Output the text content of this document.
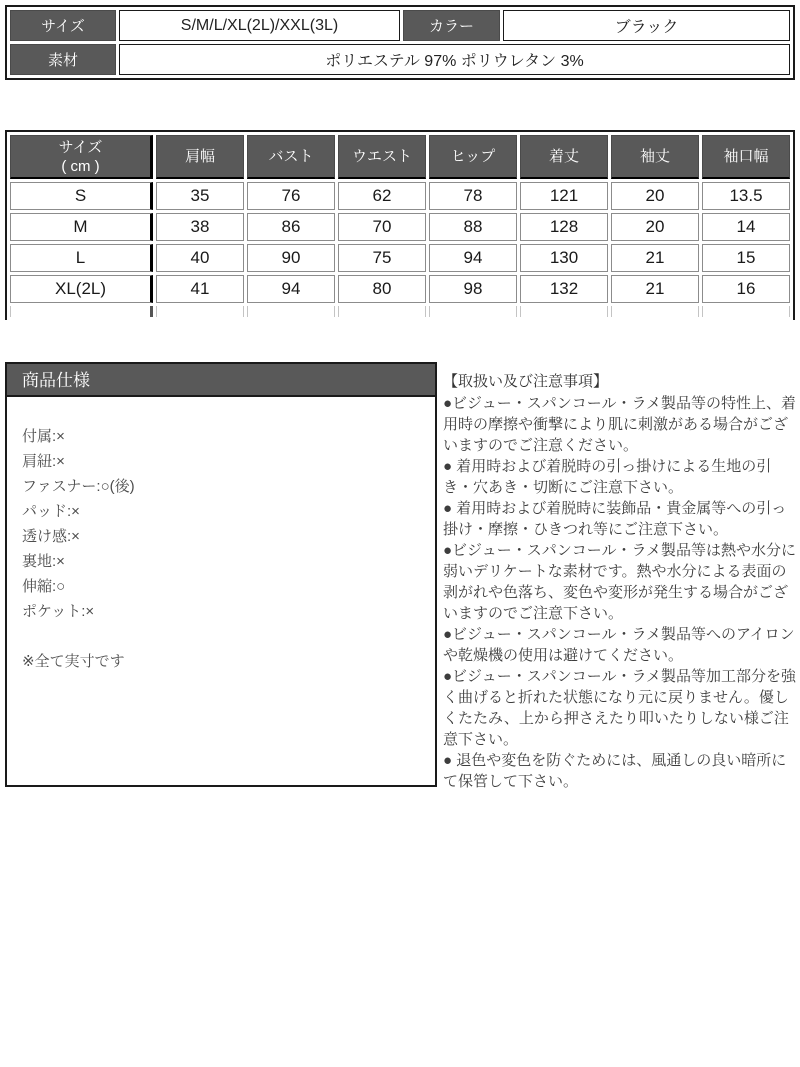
サイズ	S/M/L/XL(2L)/XXL(3L)	カラー	ブラック
素材	ポリエステル 97% ポリウレタン 3%		
サイズ
( cm )	肩幅	バスト	ウエスト	ヒップ	着丈	袖丈	袖口幅
S	35	76	62	78	121	20	13.5
M	38	86	70	88	128	20	14
L	40	90	75	94	130	21	15
XL(2L)	41	94	80	98	132	21	16

商品仕様
付属:×
肩紐:×
ファスナー:○(後)
パッド:×
透け感:×
裏地:×
伸縮:○
ポケット:×
※全て実寸です
【取扱い及び注意事項】

●ビジュー・スパンコール・ラメ製品等の特性上、着用時の摩擦や衝撃により肌に刺激がある場合がございますのでご注意ください。

● 着用時および着脱時の引っ掛けによる生地の引き・穴あき・切断にご注意下さい。

● 着用時および着脱時に装飾品・貴金属等への引っ掛け・摩擦・ひきつれ等にご注意下さい。

●ビジュー・スパンコール・ラメ製品等は熱や水分に弱いデリケートな素材です。熱や水分による表面の剥がれや色落ち、変色や変形が発生する場合がございますのでご注意下さい。

●ビジュー・スパンコール・ラメ製品等へのアイロンや乾燥機の使用は避けてください。

●ビジュー・スパンコール・ラメ製品等加工部分を強く曲げると折れた状態になり元に戻りません。優しくたたみ、上から押さえたり叩いたりしない様ご注意下さい。

● 退色や変色を防ぐためには、風通しの良い暗所にて保管して下さい。
